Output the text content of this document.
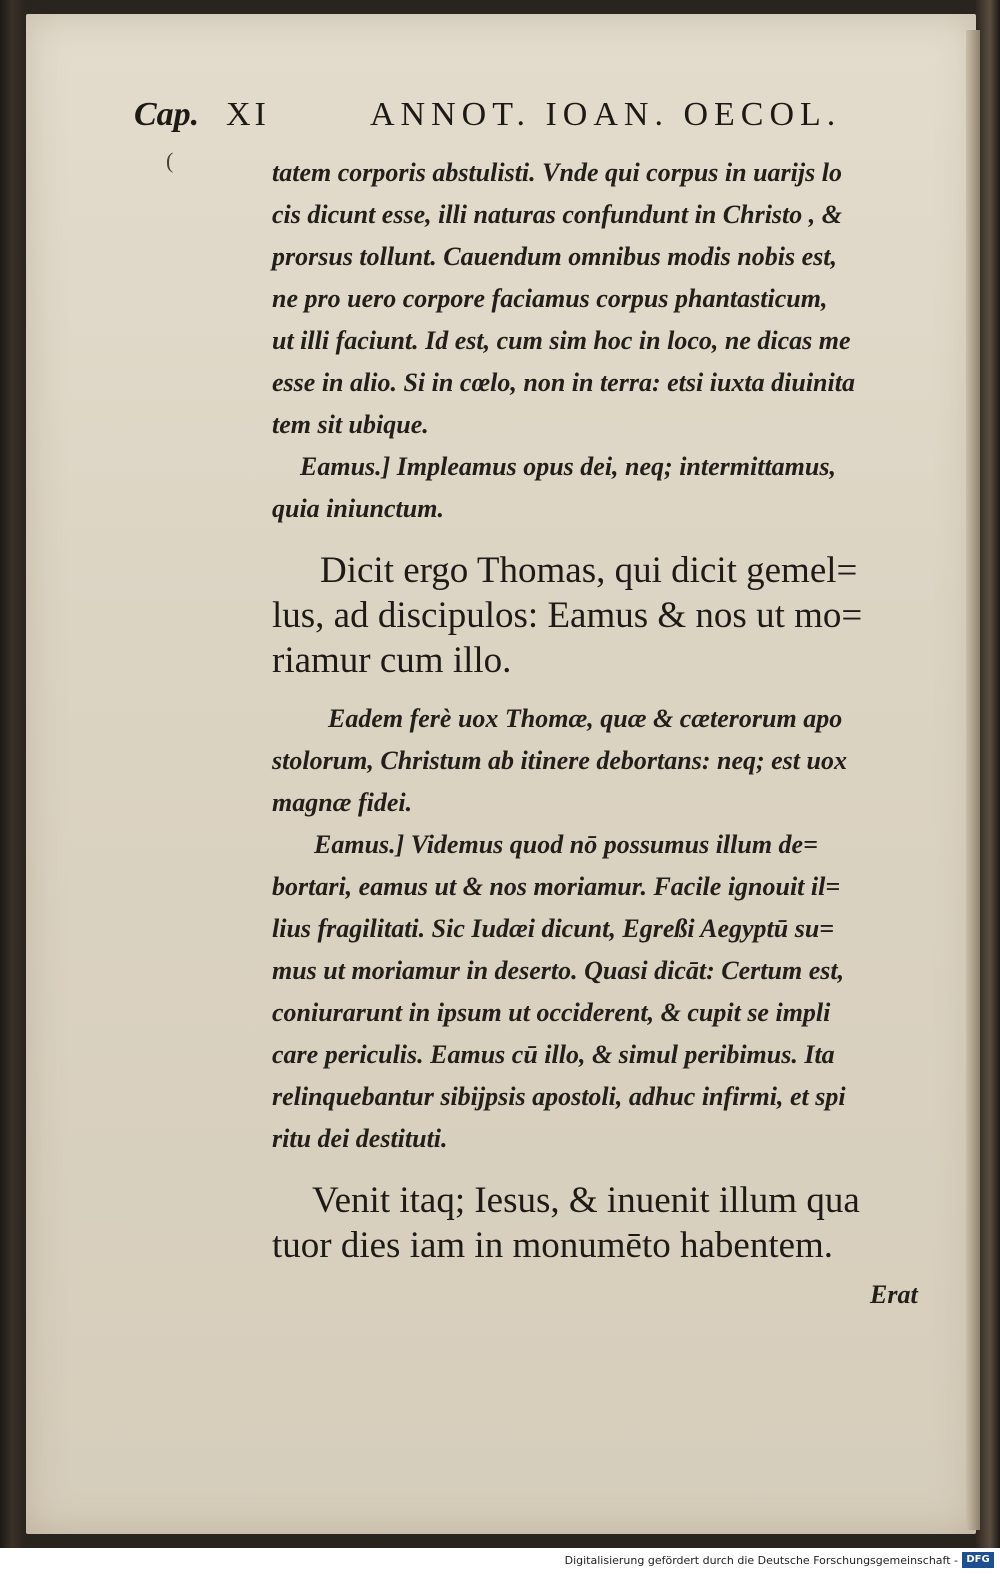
Cap. XI	ANNOT. IOAN. OECOL.
(	tatem corporis abstulisti. Vnde qui corpus in uarijs lo

cis dicunt esse, illi naturas confundunt in Christo , &

prorsus tollunt. Cauendum omnibus modis nobis est,

ne pro uero corpore faciamus corpus phantasticum,

ut illi faciunt. Id est, cum sim hoc in loco, ne dicas me

esse in alio. Si in cœlo, non in terra: etsi iuxta diuinita

tem sit ubique.

Eamus.] Impleamus opus dei, neq; intermittamus,

quia iniunctum.

Dicit ergo Thomas, qui dicit gemel=

lus, ad discipulos: Eamus & nos ut mo=

riamur cum illo.

Eadem ferè uox Thomæ, quæ & cæterorum apo

stolorum, Christum ab itinere debortans: neq; est uox

magnæ fidei.

Eamus.] Videmus quod nō possumus illum de=

bortari, eamus ut & nos moriamur. Facile ignouit il=

lius fragilitati. Sic Iudæi dicunt, Egreßi Aegyptū su=

mus ut moriamur in deserto. Quasi dicāt: Certum est,

coniurarunt in ipsum ut occiderent, & cupit se impli

care periculis. Eamus cū illo, & simul peribimus. Ita

relinquebantur sibijpsis apostoli, adhuc infirmi, et spi

ritu dei destituti.

Venit itaq; Iesus, & inuenit illum qua

tuor dies iam in monumēto habentem.

Erat
Digitalisierung gefördert durch die Deutsche Forschungsgemeinschaft - DFG
